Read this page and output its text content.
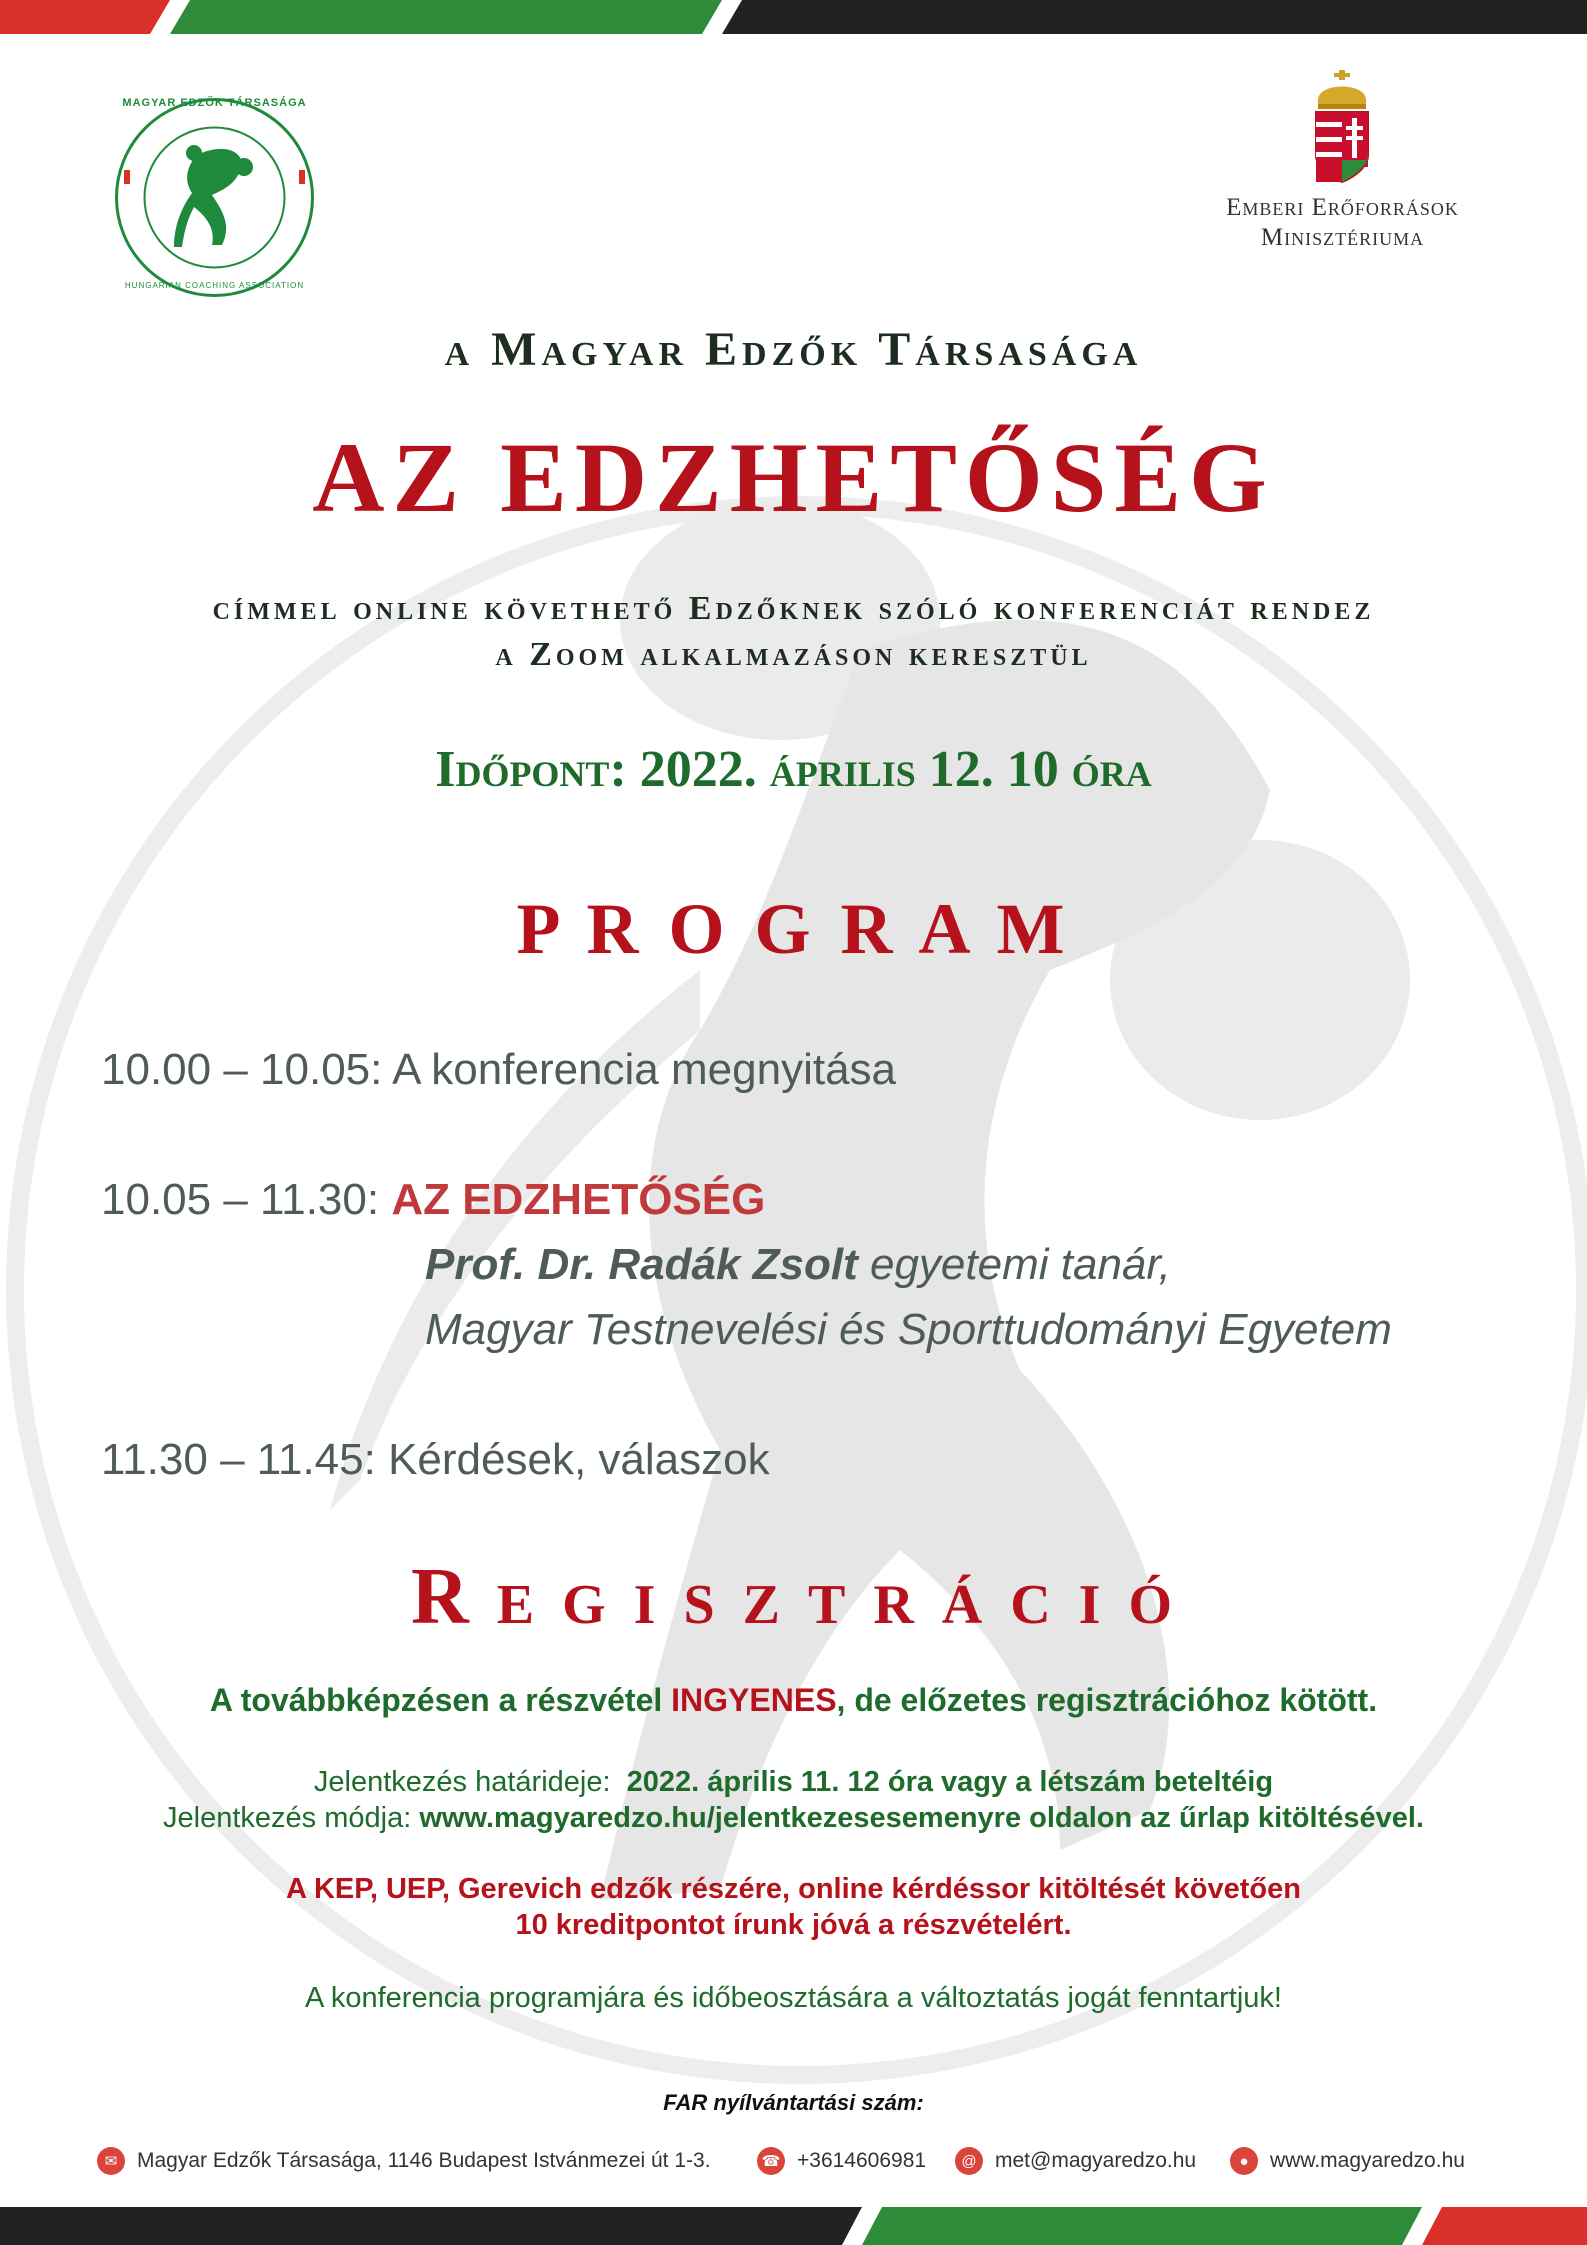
MAGYAR EDZŐK TÁRSASÁGA
HUNGARIAN COACHING ASSOCIATION
Emberi Erőforrások
Minisztériuma
a Magyar Edzők Társasága
AZ EDZHETŐSÉG
címmel online követhető Edzőknek szóló konferenciát rendez
a Zoom alkalmazáson keresztül
Időpont: 2022. április 12. 10 óra
P R O G R A M
10.00 – 10.05: A konferencia megnyitása
10.05 – 11.30: AZ EDZHETŐSÉG
Prof. Dr. Radák Zsolt egyetemi tanár,
Magyar Testnevelési és Sporttudományi Egyetem
11.30 – 11.45: Kérdések, válaszok
R e g i s z t r á c i ó
A továbbképzésen a részvétel INGYENES, de előzetes regisztrációhoz kötött.
Jelentkezés határideje:  2022. április 11. 12 óra vagy a létszám beteltéig
Jelentkezés módja: www.magyaredzo.hu/jelentkezesesemenyre oldalon az űrlap kitöltésével.
A KEP, UEP, Gerevich edzők részére, online kérdéssor kitöltését követően
10 kreditpontot írunk jóvá a részvételért.
A konferencia programjára és időbeosztására a változtatás jogát fenntartjuk!
FAR nyílvántartási szám:
✉ Magyar Edzők Társasága, 1146 Budapest Istvánmezei út 1-3.	☎ +3614606981	@ met@magyaredzo.hu	●	www.magyaredzo.hu
